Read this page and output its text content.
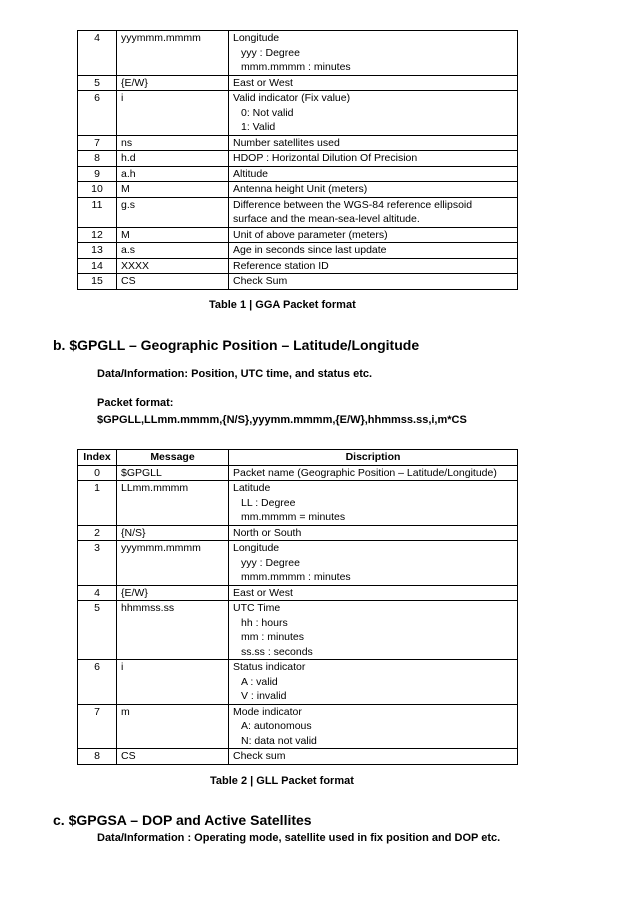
4	yyymmm.mmmm	Longitude
yyy : Degree
mmm.mmmm : minutes

5	{E/W}	East or West

6	i	Valid indicator (Fix value)
0: Not valid
1: Valid

7	ns	Number satellites used

8	h.d	HDOP : Horizontal Dilution Of Precision

9	a.h	Altitude

10	M	Antenna height Unit (meters)

11	g.s	Difference between the WGS-84 reference ellipsoid
surface and the mean-sea-level altitude.

12	M	Unit of above parameter (meters)

13	a.s	Age in seconds since last update

14	XXXX	Reference station ID

15	CS	Check Sum
Table 1 | GGA Packet format
b. $GPGLL – Geographic Position – Latitude/Longitude
Data/Information: Position, UTC time, and status etc.
Packet format:
$GPGLL,LLmm.mmmm,{N/S},yyymm.mmmm,{E/W},hhmmss.ss,i,m*CS
Index	Message	Discription
0	$GPGLL	Packet name (Geographic Position – Latitude/Longitude)

1	LLmm.mmmm	Latitude
LL : Degree
mm.mmmm = minutes

2	{N/S}	North or South

3	yyymmm.mmmm	Longitude
yyy : Degree
mmm.mmmm : minutes

4	{E/W}	East or West

5	hhmmss.ss	UTC Time
hh : hours
mm : minutes
ss.ss : seconds

6	i	Status indicator
A : valid
V : invalid

7	m	Mode indicator
A: autonomous
N: data not valid

8	CS	Check sum
Table 2 | GLL Packet format
c. $GPGSA – DOP and Active Satellites
Data/Information : Operating mode, satellite used in fix position and DOP etc.
